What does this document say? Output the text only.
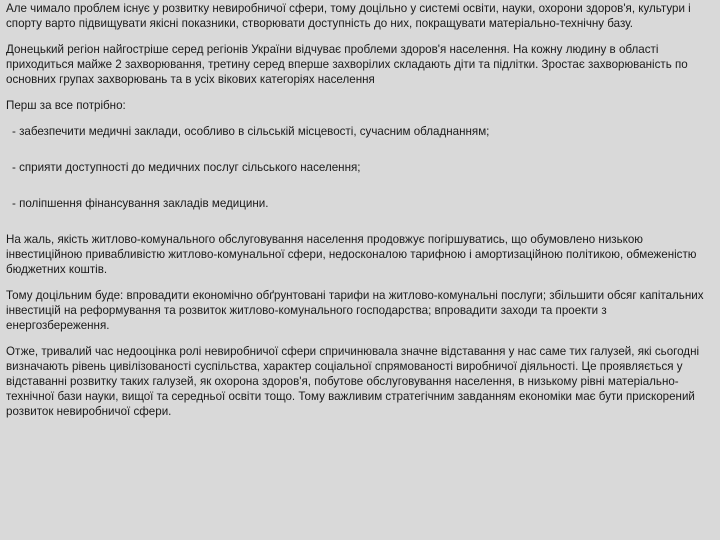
Але чимало проблем існує у розвитку невиробничої сфери, тому доцільно у системі освіти, науки, охорони здоров'я, культури і спорту варто підвищувати якісні показники, створювати доступність до них, покращувати матеріально-технічну базу.

Донецький регіон найгостріше серед регіонів України відчуває проблеми здоров'я населення. На кожну людину в області приходиться майже 2 захворювання, третину серед вперше захворілих складають діти та підлітки. Зростає захворюваність по основних групах захворювань та в усіх вікових категоріях населення

Перш за все потрібно:

- забезпечити медичні заклади, особливо в сільській місцевості, сучасним обладнанням;

- сприяти доступності до медичних послуг сільського населення;

- поліпшення фінансування закладів медицини.

На жаль, якість житлово-комунального обслуговування населення продовжує погіршуватись, що обумовлено низькою інвестиційною привабливістю житлово-комунальної сфери, недосконалою тарифною і амортизаційною політикою, обмеженістю бюджетних коштів.

Тому доцільним буде: впровадити економічно обґрунтовані тарифи на житлово-комунальні послуги; збільшити обсяг капітальних інвестицій на реформування та розвиток житлово-комунального господарства; впровадити заходи та проекти з енергозбереження.

Отже, тривалий час недооцінка ролі невиробничої сфери спричинювала значне відставання у нас саме тих галузей, які сьогодні визначають рівень цивілізованості суспільства, характер соціальної спрямованості виробничої діяльності. Це проявляється у відставанні розвитку таких галузей, як охорона здоров'я, побутове обслуговування населення, в низькому рівні матеріально-технічної бази науки, вищої та середньої освіти тощо. Тому важливим стратегічним завданням економіки має бути прискорений розвиток невиробничої сфери.
